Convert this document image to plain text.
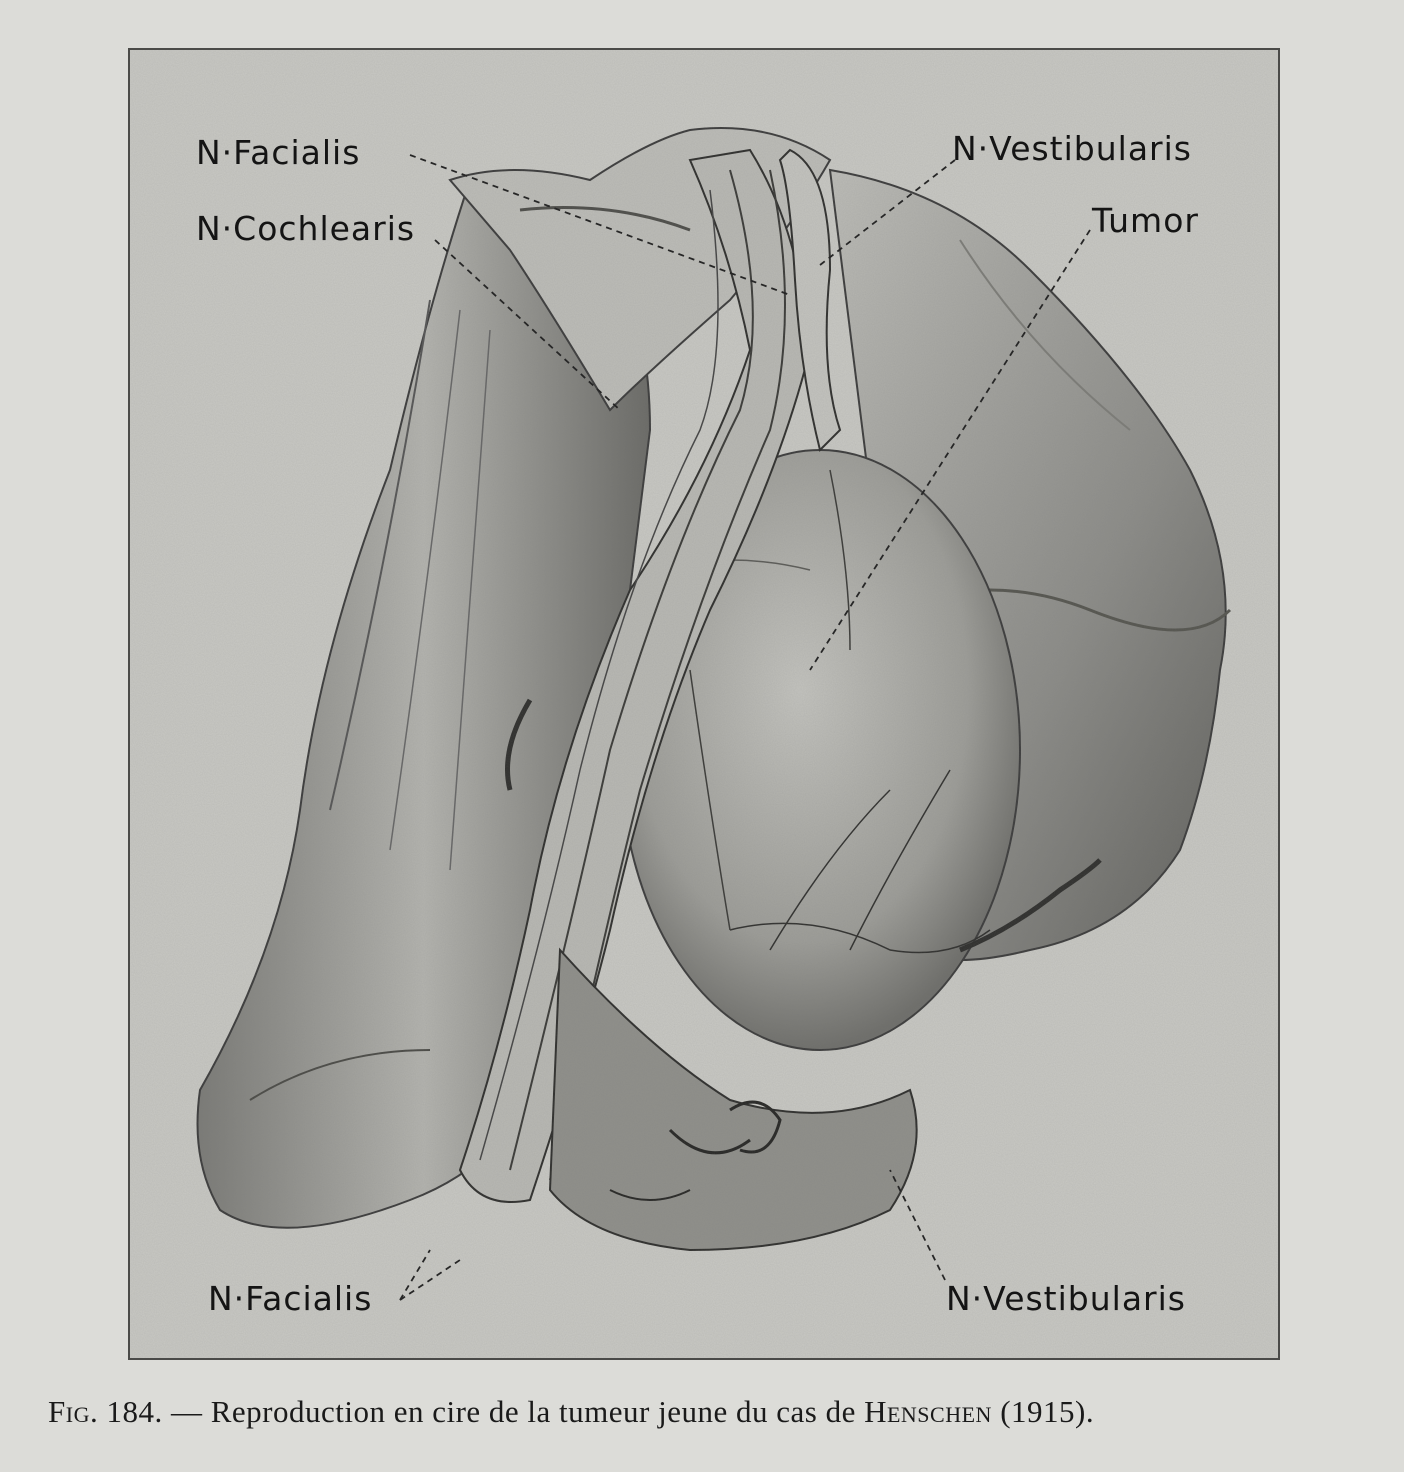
N·Facialis
N·Cochlearis
N·Vestibularis
Tumor
N·Facialis	N·Vestibularis
Fig. 184. — Reproduction en cire de la tumeur jeune du cas de Henschen (1915).
